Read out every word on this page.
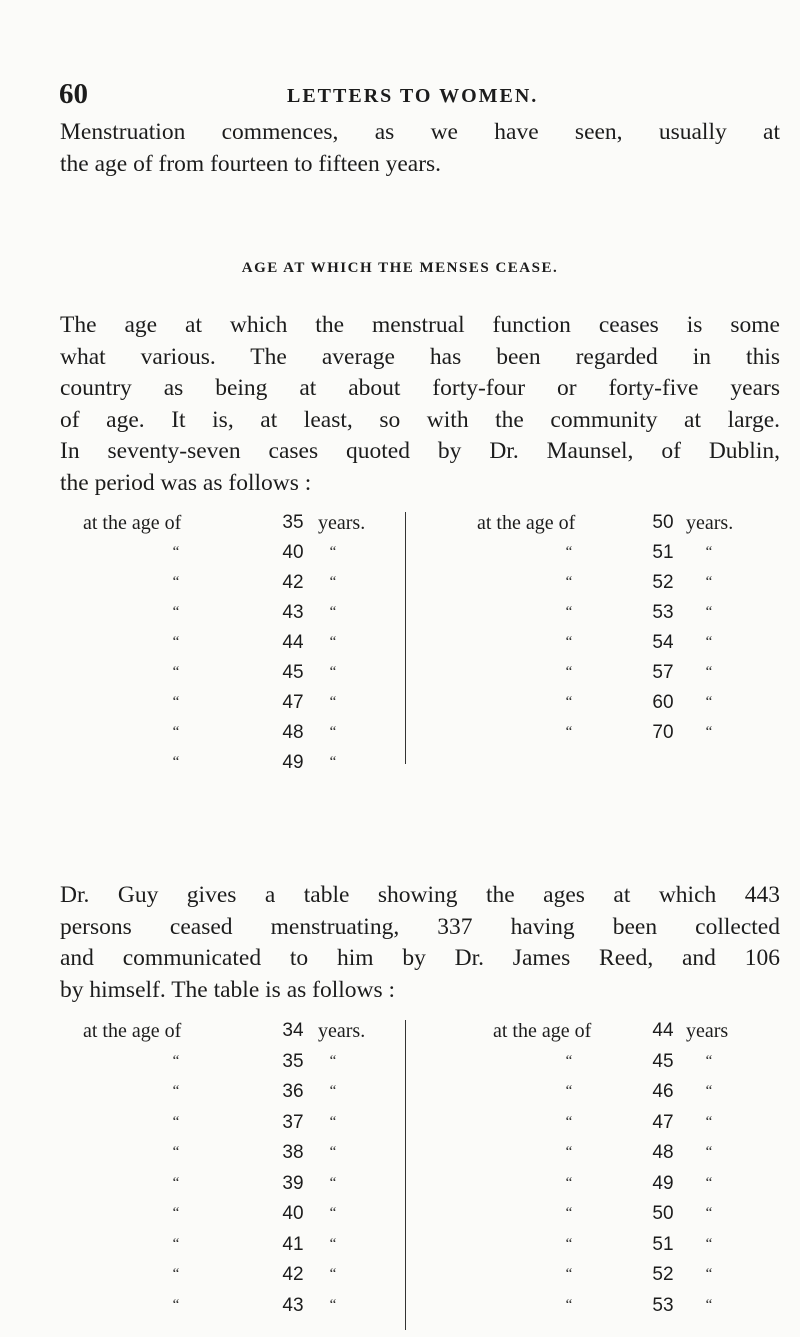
60	LETTERS TO WOMEN.

Menstruation commences, as we have seen, usually at
the age of from fourteen to fifteen years.

AGE AT WHICH THE MENSES CEASE.

The age at which the menstrual function ceases is some
what various. The average has been regarded in this
country as being at about forty-four or forty-five years
of age. It is, at least, so with the community at large.
In seventy-seven cases quoted by Dr. Maunsel, of Dublin,
the period was as follows :

at the age of	35 years.
“	40	“
“	42	“
“	43	“
“	44	“
“	45	“
“	47	“
“	48	“
“	49	“
at the age of	50 years.
“	51	“
“	52	“
“	53	“
“	54	“
“	57	“
“	60	“
“	70	“

Dr. Guy gives a table showing the ages at which 443
persons ceased menstruating, 337 having been collected
and communicated to him by Dr. James Reed, and 106
by himself. The table is as follows :

at the age of	34 years.
“	35	“
“	36	“
“	37	“
“	38	“
“	39	“
“	40	“
“	41	“
“	42	“
“	43	“
at the age of	44 years
“	45	“
“	46	“
“	47	“
“	48	“
“	49	“
“	50	“
“	51	“
“	52	“
“	53	“
